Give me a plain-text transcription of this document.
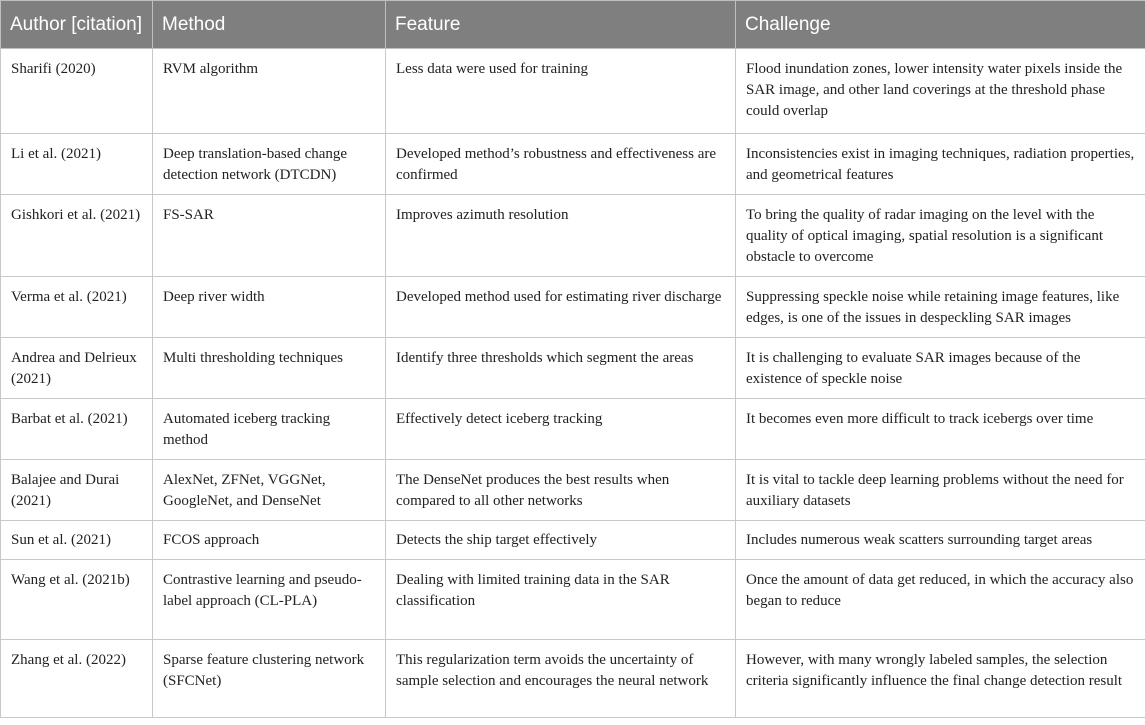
Author [citation]	Method	Feature	Challenge
Sharifi (2020)	RVM algorithm	Less data were used for training	Flood inundation zones, lower intensity water pixels inside the SAR image, and other land coverings at the threshold phase could overlap
Li et al. (2021)	Deep translation-based change detection network (DTCDN)	Developed method’s robustness and effectiveness are confirmed	Inconsistencies exist in imaging techniques, radiation properties, and geometrical features
Gishkori et al. (2021)	FS-SAR	Improves azimuth resolution	To bring the quality of radar imaging on the level with the quality of optical imaging, spatial resolution is a significant obstacle to overcome
Verma et al. (2021)	Deep river width	Developed method used for estimating river discharge	Suppressing speckle noise while retaining image features, like edges, is one of the issues in despeckling SAR images
Andrea and Delrieux (2021)	Multi thresholding techniques	Identify three thresholds which segment the areas	It is challenging to evaluate SAR images because of the existence of speckle noise
Barbat et al. (2021)	Automated iceberg tracking method	Effectively detect iceberg tracking	It becomes even more difficult to track icebergs over time
Balajee and Durai (2021)	AlexNet, ZFNet, VGGNet, GoogleNet, and DenseNet	The DenseNet produces the best results when compared to all other networks	It is vital to tackle deep learning problems without the need for auxiliary datasets
Sun et al. (2021)	FCOS approach	Detects the ship target effectively	Includes numerous weak scatters surrounding target areas
Wang et al. (2021b)	Contrastive learning and pseudo-label approach (CL-PLA)	Dealing with limited training data in the SAR classification	Once the amount of data get reduced, in which the accuracy also began to reduce
Zhang et al. (2022)	Sparse feature clustering network (SFCNet)	This regularization term avoids the uncertainty of sample selection and encourages the neural network	However, with many wrongly labeled samples, the selection criteria significantly influence the final change detection result
